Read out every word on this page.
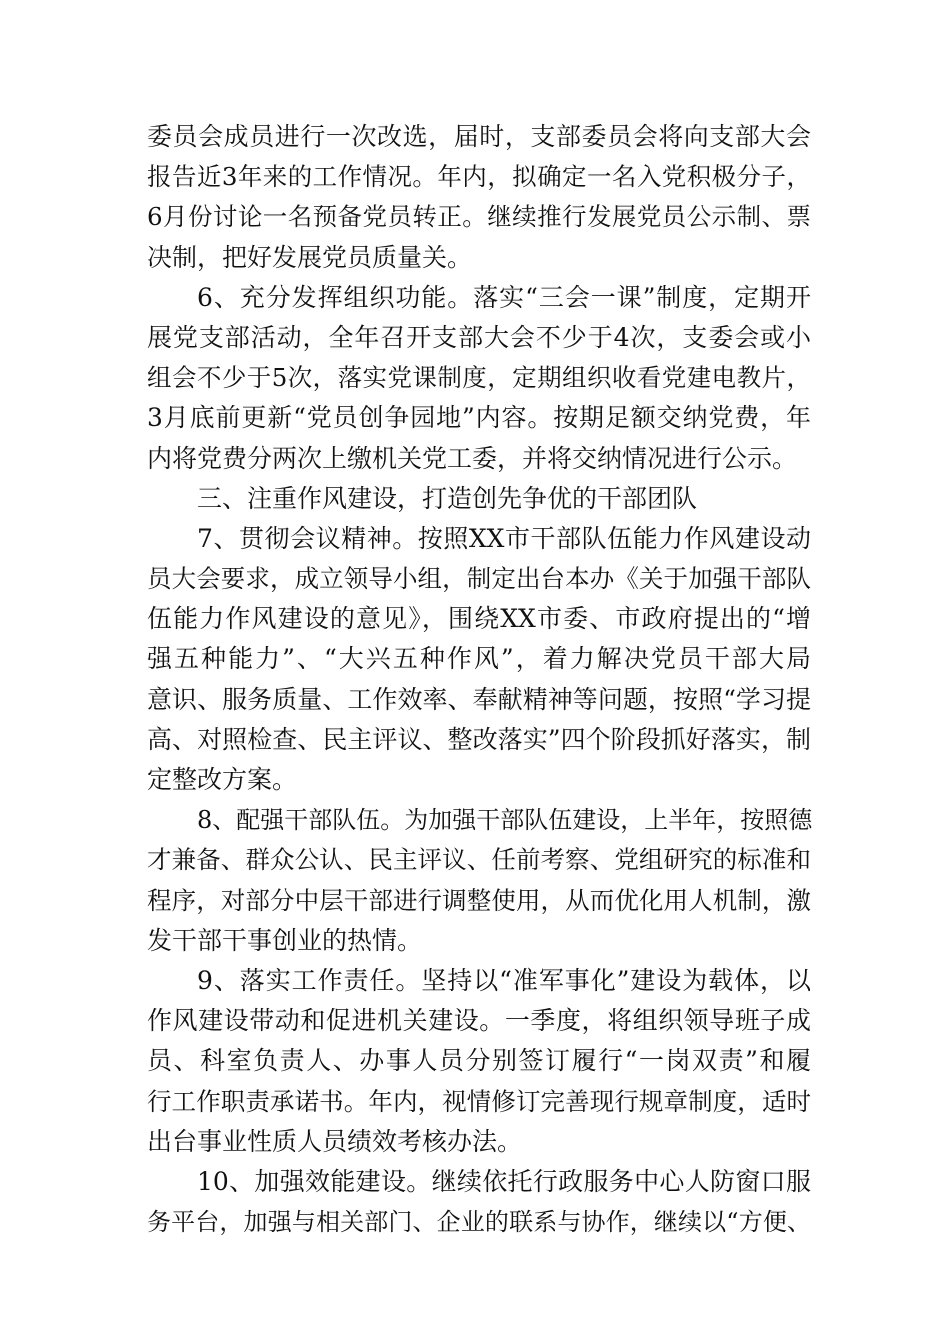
委员会成员进行一次改选，届时，支部委员会将向支部大会
报告近3年来的工作情况。年内，拟确定一名入党积极分子，
6月份讨论一名预备党员转正。继续推行发展党员公示制、票
决制，把好发展党员质量关。
6、充分发挥组织功能。落实“三会一课”制度，定期开
展党支部活动，全年召开支部大会不少于4次，支委会或小
组会不少于5次，落实党课制度，定期组织收看党建电教片，
3月底前更新“党员创争园地”内容。按期足额交纳党费，年
内将党费分两次上缴机关党工委，并将交纳情况进行公示。
三、注重作风建设，打造创先争优的干部团队
7、贯彻会议精神。按照XX市干部队伍能力作风建设动
员大会要求，成立领导小组，制定出台本办《关于加强干部队
伍能力作风建设的意见》，围绕XX市委、市政府提出的“增
强五种能力”、“大兴五种作风”，着力解决党员干部大局
意识、服务质量、工作效率、奉献精神等问题，按照“学习提
高、对照检查、民主评议、整改落实”四个阶段抓好落实，制
定整改方案。
8、配强干部队伍。为加强干部队伍建设，上半年，按照德
才兼备、群众公认、民主评议、任前考察、党组研究的标准和
程序，对部分中层干部进行调整使用，从而优化用人机制，激
发干部干事创业的热情。
9、落实工作责任。坚持以“准军事化”建设为载体，以
作风建设带动和促进机关建设。一季度，将组织领导班子成
员、科室负责人、办事人员分别签订履行“一岗双责”和履
行工作职责承诺书。年内，视情修订完善现行规章制度，适时
出台事业性质人员绩效考核办法。
10、加强效能建设。继续依托行政服务中心人防窗口服
务平台，加强与相关部门、企业的联系与协作，继续以“方便、
